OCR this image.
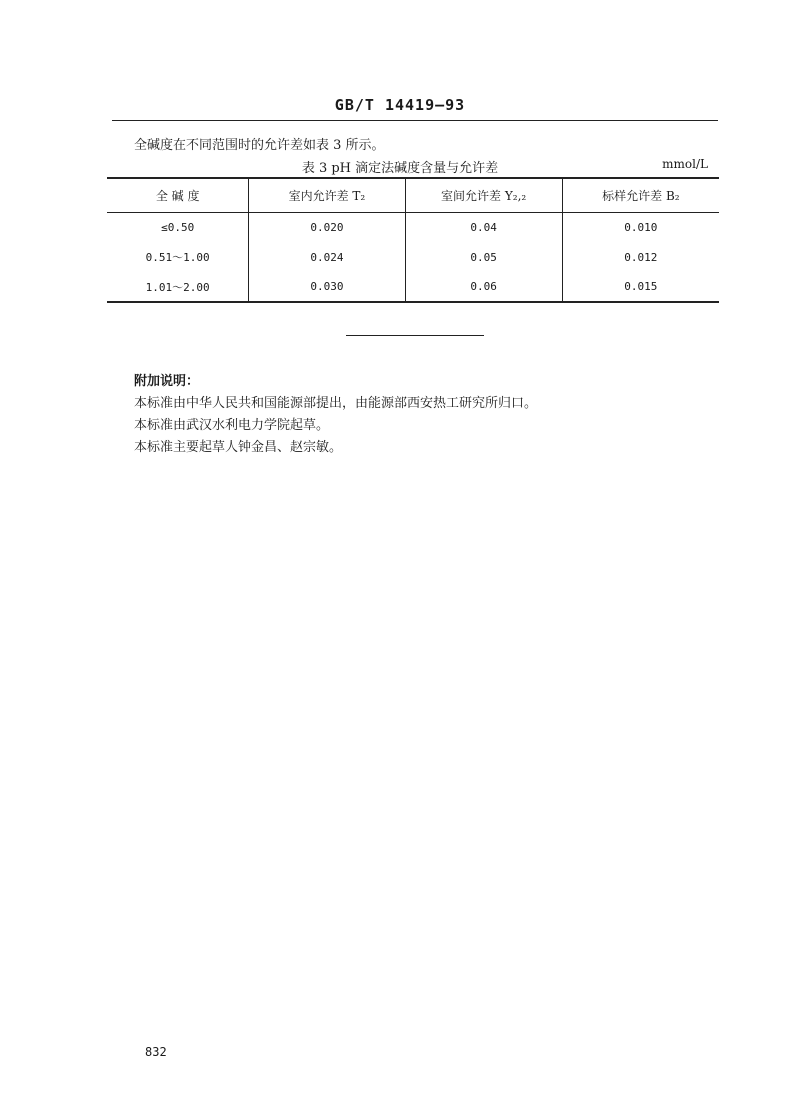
GB/T 14419—93
全碱度在不同范围时的允许差如表 3 所示。
表 3 pH 滴定法碱度含量与允许差	mmol/L
全 碱 度	室内允许差 T₂	室间允许差 Y₂,₂	标样允许差 B₂
≤0.50	0.020	0.04	0.010
0.51～1.00	0.024	0.05	0.012
1.01～2.00	0.030	0.06	0.015
附加说明：
本标准由中华人民共和国能源部提出，由能源部西安热工研究所归口。
本标准由武汉水利电力学院起草。
本标准主要起草人钟金昌、赵宗敏。
832
